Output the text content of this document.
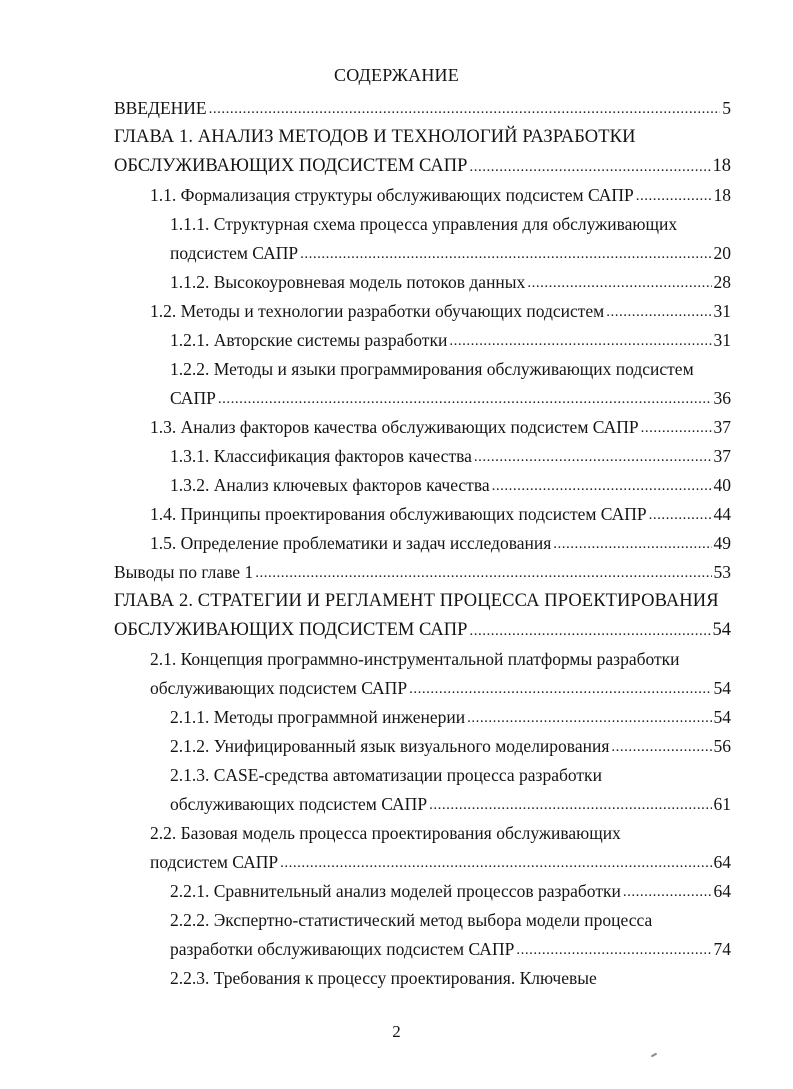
СОДЕРЖАНИЕ
ВВЕДЕНИЕ .....	5
ГЛАВА 1. АНАЛИЗ МЕТОДОВ И ТЕХНОЛОГИЙ РАЗРАБОТКИ
ОБСЛУЖИВАЮЩИХ ПОДСИСТЕМ САПР .....	18
1.1. Формализация структуры обслуживающих подсистем САПР .....	18
1.1.1. Структурная схема процесса управления для обслуживающих
подсистем САПР .....	20
1.1.2. Высокоуровневая модель потоков данных .....	28
1.2. Методы и технологии разработки обучающих подсистем .....	31
1.2.1. Авторские системы разработки .....	31
1.2.2. Методы и языки программирования обслуживающих подсистем
САПР .....	36
1.3. Анализ факторов качества обслуживающих подсистем САПР .....	37
1.3.1. Классификация факторов качества .....	37
1.3.2. Анализ ключевых факторов качества .....	40
1.4. Принципы проектирования обслуживающих подсистем САПР .....	44
1.5. Определение проблематики и задач исследования .....	49
Выводы по главе 1 .....	53
ГЛАВА 2. СТРАТЕГИИ И РЕГЛАМЕНТ ПРОЦЕССА ПРОЕКТИРОВАНИЯ
ОБСЛУЖИВАЮЩИХ ПОДСИСТЕМ САПР .....	54
2.1. Концепция программно-инструментальной платформы разработки
обслуживающих подсистем САПР .....	54
2.1.1. Методы программной инженерии .....	54
2.1.2. Унифицированный язык визуального моделирования .....	56
2.1.3. CASE-средства автоматизации процесса разработки
обслуживающих подсистем САПР .....	61
2.2. Базовая модель процесса проектирования обслуживающих
подсистем САПР .....	64
2.2.1. Сравнительный анализ моделей процессов разработки .....	64
2.2.2. Экспертно-статистический метод выбора модели процесса
разработки обслуживающих подсистем САПР .....	74
2.2.3. Требования к процессу проектирования. Ключевые
2
